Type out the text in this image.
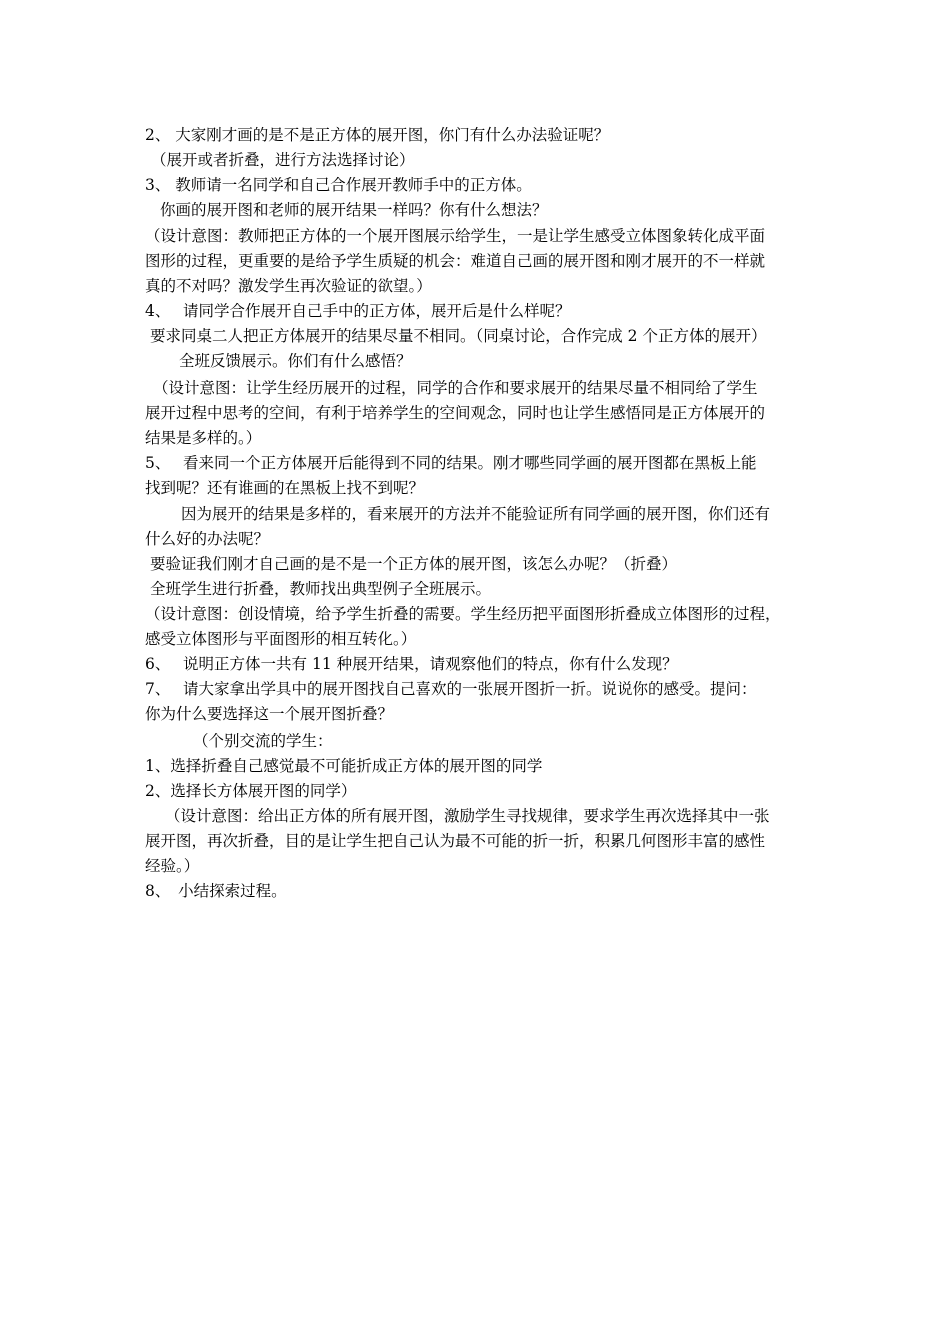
2、 大家刚才画的是不是正方体的展开图，你门有什么办法验证呢？

（展开或者折叠，进行方法选择讨论）

3、 教师请一名同学和自己合作展开教师手中的正方体。

你画的展开图和老师的展开结果一样吗？你有什么想法？

（设计意图：教师把正方体的一个展开图展示给学生，一是让学生感受立体图象转化成平面

图形的过程，更重要的是给予学生质疑的机会：难道自己画的展开图和刚才展开的不一样就

真的不对吗？激发学生再次验证的欲望。）

4、　 请同学合作展开自己手中的正方体，展开后是什么样呢？

要求同桌二人把正方体展开的结果尽量不相同。（同桌讨论，合作完成 2 个正方体的展开）

全班反馈展示。你们有什么感悟？

（设计意图：让学生经历展开的过程，同学的合作和要求展开的结果尽量不相同给了学生

展开过程中思考的空间，有利于培养学生的空间观念，同时也让学生感悟同是正方体展开的

结果是多样的。）

5、　 看来同一个正方体展开后能得到不同的结果。刚才哪些同学画的展开图都在黑板上能

找到呢？还有谁画的在黑板上找不到呢？

因为展开的结果是多样的，看来展开的方法并不能验证所有同学画的展开图，你们还有

什么好的办法呢？

要验证我们刚才自己画的是不是一个正方体的展开图，该怎么办呢？（折叠）

全班学生进行折叠，教师找出典型例子全班展示。

（设计意图：创设情境，给予学生折叠的需要。学生经历把平面图形折叠成立体图形的过程，

感受立体图形与平面图形的相互转化。）

6、　 说明正方体一共有 11 种展开结果，请观察他们的特点，你有什么发现？

7、　 请大家拿出学具中的展开图找自己喜欢的一张展开图折一折。说说你的感受。提问：

你为什么要选择这一个展开图折叠？

（个别交流的学生：

1、选择折叠自己感觉最不可能折成正方体的展开图的同学

2、选择长方体展开图的同学）

（设计意图：给出正方体的所有展开图，激励学生寻找规律，要求学生再次选择其中一张

展开图，再次折叠，目的是让学生把自己认为最不可能的折一折，积累几何图形丰富的感性

经验。）

8、　小结探索过程。
